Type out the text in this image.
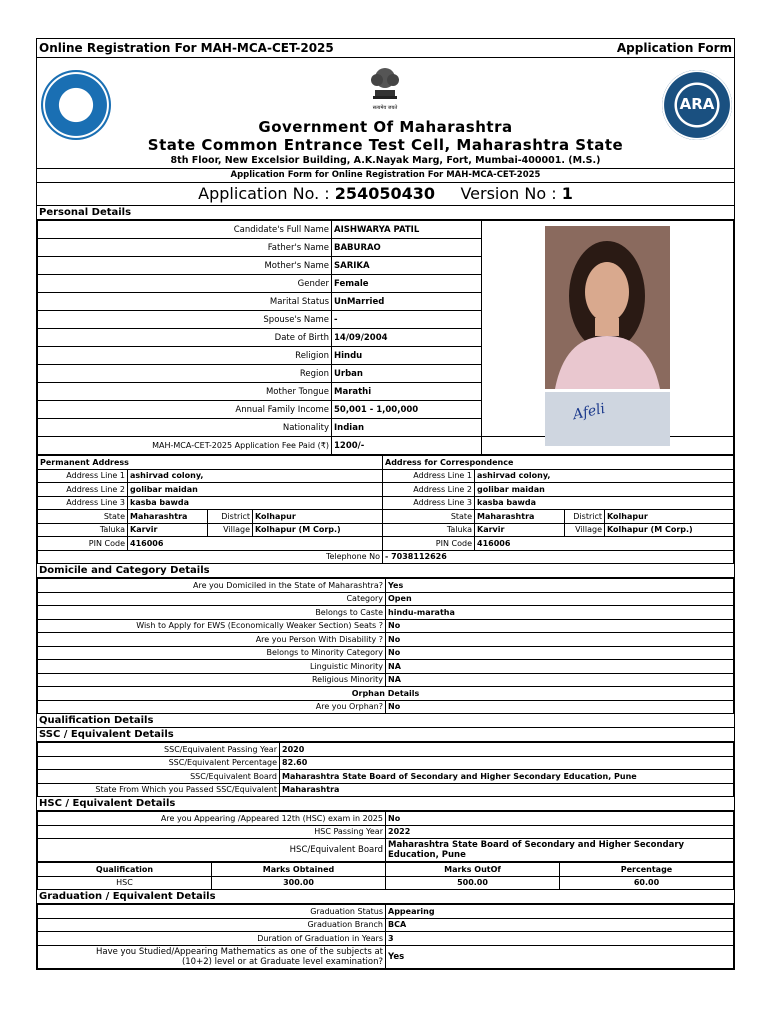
Online Registration For MAH-MCA-CET-2025	Application Form
CET	सत्यमेव जयते
Government Of Maharashtra
State Common Entrance Test Cell, Maharashtra State
8th Floor, New Excelsior Building, A.K.Nayak Marg, Fort, Mumbai-400001. (M.S.)
ARA
Application Form for Online Registration For MAH-MCA-CET-2025
Application No. : 254050430 Version No : 1
Personal Details
Candidate's Full Name	AISHWARYA PATIL	
Father's Name	BABURAO	
Mother's Name	SARIKA	
Gender	Female	
Marital Status	UnMarried	
Spouse's Name	-	
Date of Birth	14/09/2004	
Religion	Hindu	
Region	Urban	
Mother Tongue	Marathi	
Annual Family Income	50,001 - 1,00,000	
Nationality	Indian	
MAH-MCA-CET-2025 Application Fee Paid (₹)	1200/-	
Permanent Address				Address for Correspondence			
Address Line 1	ashirvad colony,			Address Line 1	ashirvad colony,		
Address Line 2	golibar maidan			Address Line 2	golibar maidan		
Address Line 3	kasba bawda			Address Line 3	kasba bawda		
State	Maharashtra	District	Kolhapur	State	Maharashtra	District	Kolhapur
Taluka	Karvir	Village	Kolhapur (M Corp.)	Taluka	Karvir	Village	Kolhapur (M Corp.)
PIN Code	416006			PIN Code	416006		
Telephone No				- 7038112626			
Domicile and Category Details
Are you Domiciled in the State of Maharashtra?	Yes
Category	Open
Belongs to Caste	hindu-maratha
Wish to Apply for EWS (Economically Weaker Section) Seats ?	No
Are you Person With Disability ?	No
Belongs to Minority Category	No
Linguistic Minority	NA
Religious Minority	NA
Orphan Details	
Are you Orphan?	No
Qualification Details
SSC / Equivalent Details
SSC/Equivalent Passing Year	2020
SSC/Equivalent Percentage	82.60
SSC/Equivalent Board	Maharashtra State Board of Secondary and Higher Secondary Education, Pune
State From Which you Passed SSC/Equivalent	Maharashtra
HSC / Equivalent Details
Are you Appearing /Appeared 12th (HSC) exam in 2025	No
HSC Passing Year	2022
HSC/Equivalent Board	Maharashtra State Board of Secondary and Higher Secondary Education, Pune
Qualification	Marks Obtained	Marks OutOf	Percentage
HSC	300.00	500.00	60.00
Graduation / Equivalent Details
Graduation Status	Appearing
Graduation Branch	BCA
Duration of Graduation in Years	3

Have you Studied/Appearing Mathematics as one of the subjects at
(10+2) level or at Graduate level examination?	Yes
Afeli
